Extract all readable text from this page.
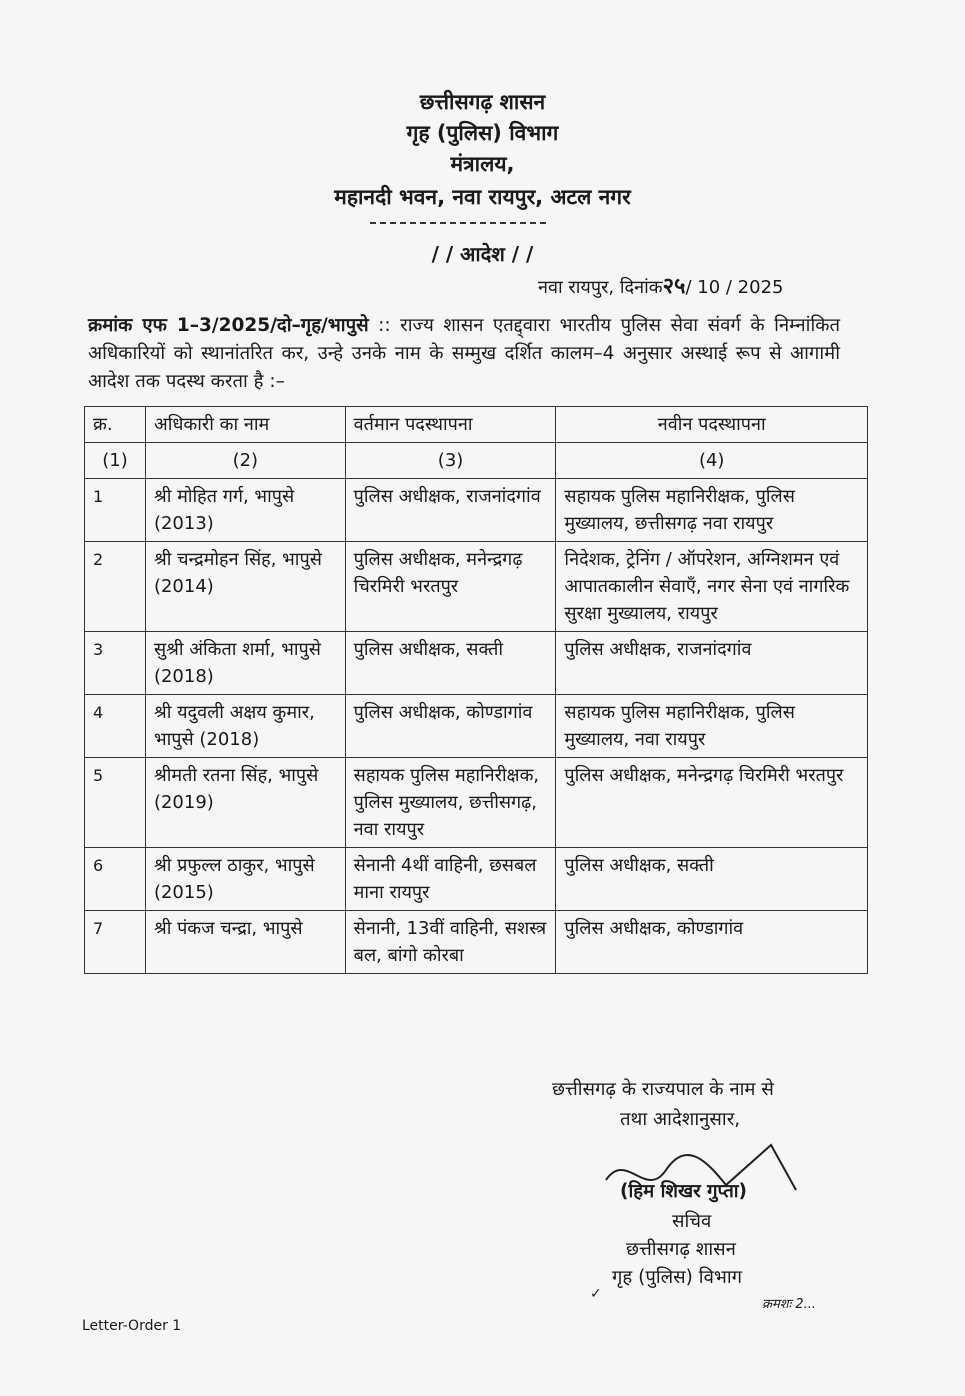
छत्तीसगढ़ शासन
गृह (पुलिस) विभाग
मंत्रालय,
महानदी भवन, नवा रायपुर, अटल नगर
/ / आदेश / /
नवा रायपुर, दिनांक२५/ 10 / 2025
क्रमांक एफ 1–3/2025/दो–गृह/भापुसे :: राज्य शासन एतद्द्वारा भारतीय पुलिस सेवा संवर्ग के निम्नांकित अधिकारियों को स्थानांतरित कर, उन्हे उनके नाम के सम्मुख दर्शित कालम–4 अनुसार अस्थाई रूप से आगामी आदेश तक पदस्थ करता है :–
क्र.	अधिकारी का नाम	वर्तमान पदस्थापना	नवीन पदस्थापना
(1)	(2)	(3)	(4)
1	श्री मोहित गर्ग, भापुसे (2013)	पुलिस अधीक्षक, राजनांदगांव	सहायक पुलिस महानिरीक्षक, पुलिस मुख्यालय, छत्तीसगढ़ नवा रायपुर
2	श्री चन्द्रमोहन सिंह, भापुसे (2014)	पुलिस अधीक्षक, मनेन्द्रगढ़ चिरमिरी भरतपुर	निदेशक, ट्रेनिंग / ऑपरेशन, अग्निशमन एवं आपातकालीन सेवाएँ, नगर सेना एवं नागरिक सुरक्षा मुख्यालय, रायपुर
3	सुश्री अंकिता शर्मा, भापुसे (2018)	पुलिस अधीक्षक, सक्ती	पुलिस अधीक्षक, राजनांदगांव
4	श्री यदुवली अक्षय कुमार, भापुसे (2018)	पुलिस अधीक्षक, कोण्डागांव	सहायक पुलिस महानिरीक्षक, पुलिस मुख्यालय, नवा रायपुर
5	श्रीमती रतना सिंह, भापुसे (2019)	सहायक पुलिस महानिरीक्षक, पुलिस मुख्यालय, छत्तीसगढ़, नवा रायपुर	पुलिस अधीक्षक, मनेन्द्रगढ़ चिरमिरी भरतपुर
6	श्री प्रफुल्ल ठाकुर, भापुसे (2015)	सेनानी 4थीं वाहिनी, छसबल माना रायपुर	पुलिस अधीक्षक, सक्ती
7	श्री पंकज चन्द्रा, भापुसे	सेनानी, 13वीं वाहिनी, सशस्त्र बल, बांगो कोरबा	पुलिस अधीक्षक, कोण्डागांव
छत्तीसगढ़ के राज्यपाल के नाम से
तथा आदेशानुसार,
(हिम शिखर गुप्ता)
सचिव
छत्तीसगढ़ शासन
गृह (पुलिस) विभाग
✓
क्रमशः 2...
Letter-Order 1
